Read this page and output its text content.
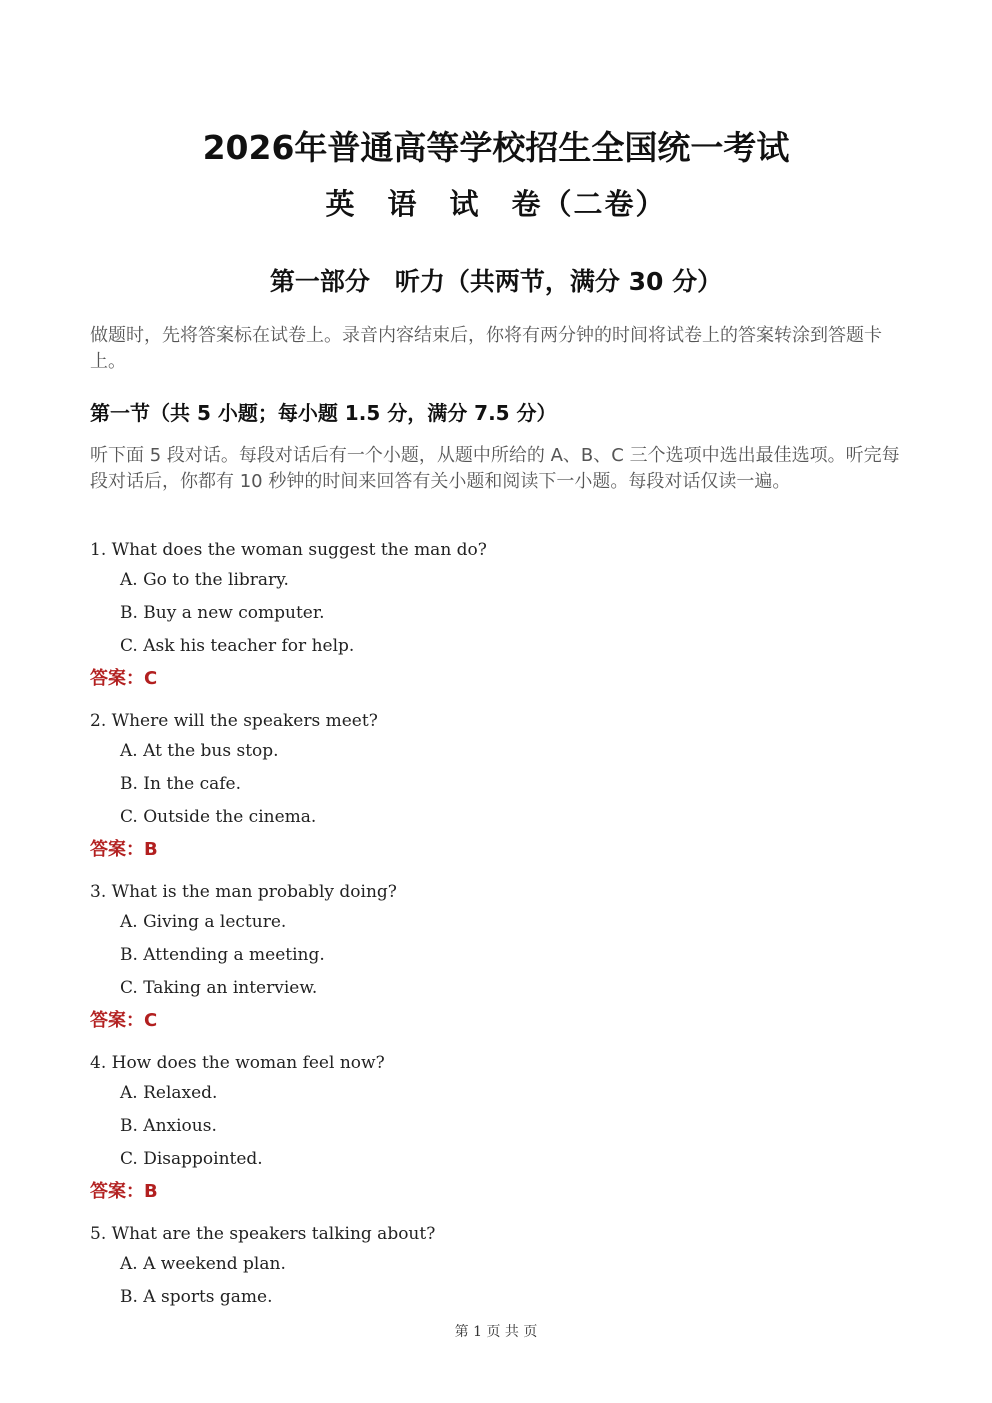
2026年普通高等学校招生全国统一考试
英　语　试　卷（二卷）
第一部分　听力（共两节，满分 30 分）
做题时，先将答案标在试卷上。录音内容结束后，你将有两分钟的时间将试卷上的答案转涂到答题卡上。
第一节（共 5 小题；每小题 1.5 分，满分 7.5 分）
听下面 5 段对话。每段对话后有一个小题，从题中所给的 A、B、C 三个选项中选出最佳选项。听完每段对话后，你都有 10 秒钟的时间来回答有关小题和阅读下一小题。每段对话仅读一遍。
1. What does the woman suggest the man do?
A. Go to the library.
B. Buy a new computer.
C. Ask his teacher for help.
答案：C
2. Where will the speakers meet?
A. At the bus stop.
B. In the cafe.
C. Outside the cinema.
答案：B
3. What is the man probably doing?
A. Giving a lecture.
B. Attending a meeting.
C. Taking an interview.
答案：C
4. How does the woman feel now?
A. Relaxed.
B. Anxious.
C. Disappointed.
答案：B
5. What are the speakers talking about?
A. A weekend plan.
B. A sports game.
第 1 页 共 页
